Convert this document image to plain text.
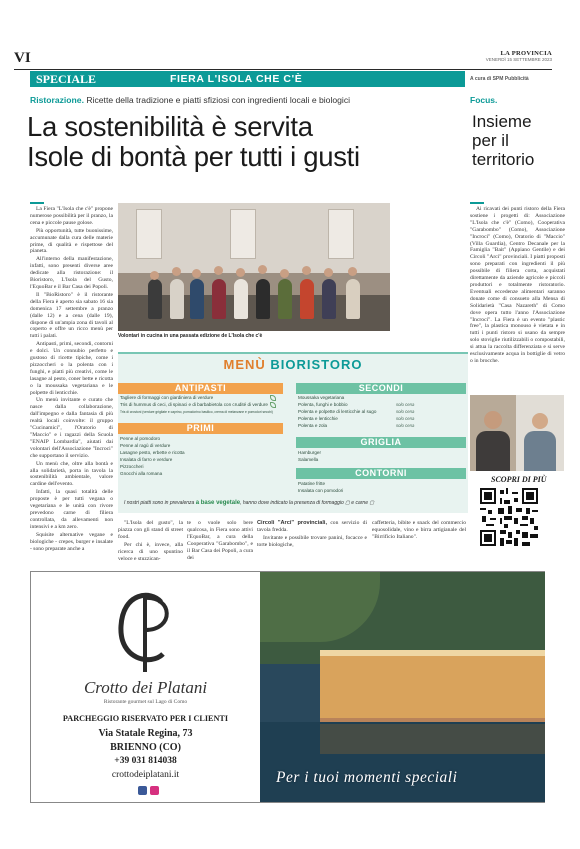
VI	LA PROVINCIA
VENERDÌ 15 SETTEMBRE 2023
SPECIALE	FIERA L'ISOLA CHE C'È	A cura di SPM Pubblicità
Ristorazione. Ricette della tradizione e piatti sfiziosi con ingredienti locali e biologici
La sostenibilità è servita
Isole di bontà per tutti i gusti
Focus.
Insieme
per il
territorio

La Fiera "L'Isola che c'è" propone numerose possibilità per il pranzo, la cena e piccole pause golose.

Più opportunità, tutte buonissime, accumunate dalla cura delle materie prime, di qualità e rispettose del pianeta.

All'interno della manifestazione, infatti, sono presenti diverse aree dedicate alla ristorazione: il Bioristoro, L'Isola del Gusto, l'EquoBar e il Bar Casa dei Popoli.

Il "BioRistoro" è il ristorante della Fiera è aperto sia sabato 16 sia domenica 17 settembre a pranzo (dalle 12) e a cena (dalle 19), dispone di un'ampia zona di tavoli al coperto e offre un ricco menù per tutti i palati.

Antipasti, primi, secondi, contorni e dolci. Un connubio perfetto e gustoso di ricette tipiche, come i pizzoccheri o la polenta con i funghi, e piatti più creativi, come le lasagne al pesto, coner bette e ricotta o la moussaka vegetariana e le polpette di lenticchie.

Un menù invitante e curato che nasce dalla collaborazione, dall'impegno e dalla fantasia di più realtà locali coinvolte: il gruppo "Cucinamici", l'Oratorio di "Maccio" e i ragazzi della Scuola "ENAIP Lombardia", aiutati dai volontari dell'Associazione "Incroci" che supportano il servizio.

Un menù che, oltre alla bontà e alla solidarietà, porta in tavola la sostenibilità ambientale, valore cardine dell'evento.

Infatti, la quasi totalità delle proposte è per tutti vegana o vegetariana e le unità con rivore prevedono carne di filiera controllata, da allevamenti non intensivi e a km zero.

Squisite alternative vegane e biologiche - crepes, burger e insalate - sono preparate anche a

Volontari in cucina in una passata edizione de L'Isola che c'è
MENÙ BIORISTORO
ANTIPASTI
Tagliere di formaggi con giardiniera di verdure
Tris di hummus di ceci, di spinaci e di barbabietola con crudité di verdure
Tris di crostoni (verdure grigliate e caprino, pomodorino basilico, crema di melanzane e pomodori secchi)
PRIMI
Penne al pomodoro
Penne al ragù di verdure
Lasagne pesto, erbette e ricotta
Insalata di farro e verdure
Pizzoccheri
Gnocchi alla romana
SECONDI
Moussaka vegetariana
Polenta, funghi e bobbio
Polenta e polpette di lenticchie al sugo
Polenta e lenticchie
Polenta e zola
solo cena
solo cena
solo cena
solo cena
GRIGLIA
Hamburger
Salamella
CONTORNI
Patatine fritte
Insalata con pomodori
I nostri piatti sono in prevalenza a base vegetale, hanno dove indicato la presenza di formaggio ▢ e carne ▢

"L'Isola del gusto", la piazza con gli stand di street food.

Per chi è, invece, alla ricerca di uno spuntino veloce e stuzzican-

te o vuole solo bere qualcosa, in Fiera sono attivi l'EquoBar, a cura della Cooperativa "Garabombo", e il Bar Casa dei Popoli, a cura dei

Circoli "Arci" provinciali, con servizio di tavola fredda.

Invitante e possibile trovare panini, focacce e torte biologiche,

caffetteria, bibite e snack del commercio equosolidale, vino e birra artigianale del "Birrificio Italiano".

Ai ricavati dei punti ristoro della Fiera sostiene i progetti di: Associazione "L'Isola che c'è" (Como), Cooperativa "Garabombo" (Como), Associazione "Incroci" (Como), Oratorio di "Maccio" (Villa Guardia), Centro Decanale per la Famiglia "Bait" (Appiano Gentile) e dei Circoli "Arci" provinciali. I piatti proposti sono preparati con ingredienti il più possibile di filiera corta, acquistati direttamente da aziende agricole e piccoli produttori e totalmente ristoratorio. Eventuali eccedenze alimentari saranno donate come di consueto alla Mensa di Solidarietà "Casa Nazareth" di Como dove opera tutto l'anno l'Associazione "Incroci". La Fiera è un evento "plastic free", la plastica monouso è vietata e in tutti i punti ristoro si usano da sempre solo stoviglie riutilizzabili o compostabili, si attua la raccolta differenziata e si serve esclusivamente acqua in bottiglie di vetro o in brocche.

SCOPRI DI PIÙ
Crotto dei Platani
Ristorante gourmet sul Lago di Como
PARCHEGGIO RISERVATO PER I CLIENTI
Via Statale Regina, 73
BRIENNO (CO)
+39 031 814038
crottodeiplatani.it	Per i tuoi momenti speciali
